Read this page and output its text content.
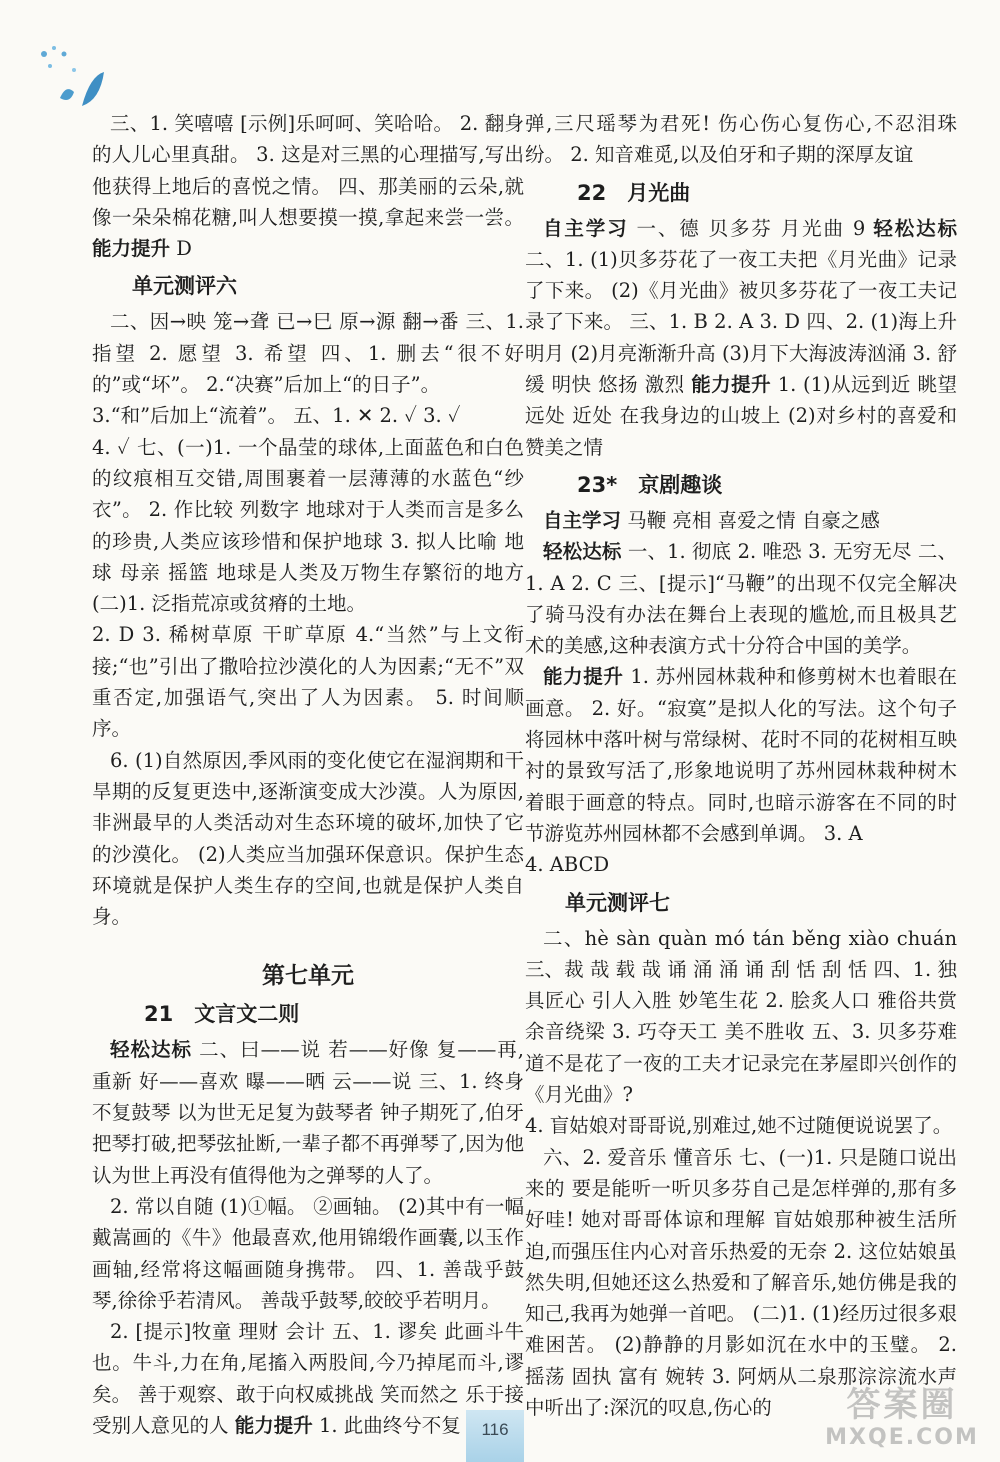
三、1. 笑嘻嘻 [示例]乐呵呵、笑哈哈。 2. 翻身的人儿心里真甜。 3. 这是对三黑的心理描写,写出他获得上地后的喜悦之情。 四、那美丽的云朵,就像一朵朵棉花糖,叫人想要摸一摸,拿起来尝一尝。 能力提升 D

单元测评六

二、因→映 笼→聋 已→巳 原→源 翻→番 三、1. 指望 2. 愿望 3. 希望 四、1. 删去“很不好的”或“坏”。 2.“决赛”后加上“的日子”。

3.“和”后加上“流着”。 五、1. ✕ 2. ✓ 3. ✓

4. ✓ 七、(一)1. 一个晶莹的球体,上面蓝色和白色的纹痕相互交错,周围裹着一层薄薄的水蓝色“纱衣”。 2. 作比较 列数字 地球对于人类而言是多么的珍贵,人类应该珍惜和保护地球 3. 拟人比喻 地球 母亲 摇篮 地球是人类及万物生存繁衍的地方 (二)1. 泛指荒凉或贫瘠的土地。

2. D 3. 稀树草原 干旷草原 4.“当然”与上文衔接;“也”引出了撒哈拉沙漠化的人为因素;“无不”双重否定,加强语气,突出了人为因素。 5. 时间顺序。

6. (1)自然原因,季风雨的变化使它在湿润期和干旱期的反复更迭中,逐渐演变成大沙漠。人为原因,非洲最早的人类活动对生态环境的破坏,加快了它的沙漠化。 (2)人类应当加强环保意识。保护生态环境就是保护人类生存的空间,也就是保护人类自身。

第七单元
21　文言文二则

轻松达标 二、曰——说 若——好像 复——再,重新 好——喜欢 曝——晒 云——说 三、1. 终身不复鼓琴 以为世无足复为鼓琴者 钟子期死了,伯牙把琴打破,把琴弦扯断,一辈子都不再弹琴了,因为他认为世上再没有值得他为之弹琴的人了。

2. 常以自随 (1)①幅。 ②画轴。 (2)其中有一幅戴嵩画的《牛》他最喜欢,他用锦缎作画囊,以玉作画轴,经常将这幅画随身携带。 四、1. 善哉乎鼓琴,徐徐乎若清风。 善哉乎鼓琴,皎皎乎若明月。

2. [提示]牧童 理财 会计 五、1. 谬矣 此画斗牛也。牛斗,力在角,尾搐入两股间,今乃掉尾而斗,谬矣。 善于观察、敢于向权威挑战 笑而然之 乐于接受别人意见的人 能力提升 1. 此曲终兮不复

弹,三尺瑶琴为君死! 伤心伤心复伤心,不忍泪珠纷。 2. 知音难觅,以及伯牙和子期的深厚友谊

22　月光曲

自主学习 一、德 贝多芬 月光曲 9 轻松达标 二、1. (1)贝多芬花了一夜工夫把《月光曲》记录了下来。 (2)《月光曲》被贝多芬花了一夜工夫记录了下来。 三、1. B 2. A 3. D 四、2. (1)海上升明月 (2)月亮渐渐升高 (3)月下大海波涛汹涌 3. 舒缓 明快 悠扬 激烈 能力提升 1. (1)从远到近 眺望远处 近处 在我身边的山坡上 (2)对乡村的喜爱和赞美之情

23*　京剧趣谈

自主学习 马鞭 亮相 喜爱之情 自豪之感

轻松达标 一、1. 彻底 2. 唯恐 3. 无穷无尽 二、1. A 2. C 三、[提示]“马鞭”的出现不仅完全解决了骑马没有办法在舞台上表现的尴尬,而且极具艺术的美感,这种表演方式十分符合中国的美学。

能力提升 1. 苏州园林栽种和修剪树木也着眼在画意。 2. 好。“寂寞”是拟人化的写法。这个句子将园林中落叶树与常绿树、花时不同的花树相互映衬的景致写活了,形象地说明了苏州园林栽种树木着眼于画意的特点。同时,也暗示游客在不同的时节游览苏州园林都不会感到单调。 3. A

4. ABCD

单元测评七

二、hè sàn quàn mó tán běng xiào chuán 三、裁 哉 载 哉 诵 涌 涌 诵 刮 恬 刮 恬 四、1. 独具匠心 引人入胜 妙笔生花 2. 脍炙人口 雅俗共赏 余音绕梁 3. 巧夺天工 美不胜收 五、3. 贝多芬难道不是花了一夜的工夫才记录完在茅屋即兴创作的《月光曲》?

4. 盲姑娘对哥哥说,别难过,她不过随便说说罢了。

六、2. 爱音乐 懂音乐 七、(一)1. 只是随口说出来的 要是能听一听贝多芬自己是怎样弹的,那有多好哇! 她对哥哥体谅和理解 盲姑娘那种被生活所迫,而强压住内心对音乐热爱的无奈 2. 这位姑娘虽然失明,但她还这么热爱和了解音乐,她仿佛是我的知己,我再为她弹一首吧。 (二)1. (1)经历过很多艰难困苦。 (2)静静的月影如沉在水中的玉璧。 2. 摇荡 固执 富有 婉转 3. 阿炳从二泉那淙淙流水声中听出了:深沉的叹息,伤心的

116
答案圈
MXQE.COM
